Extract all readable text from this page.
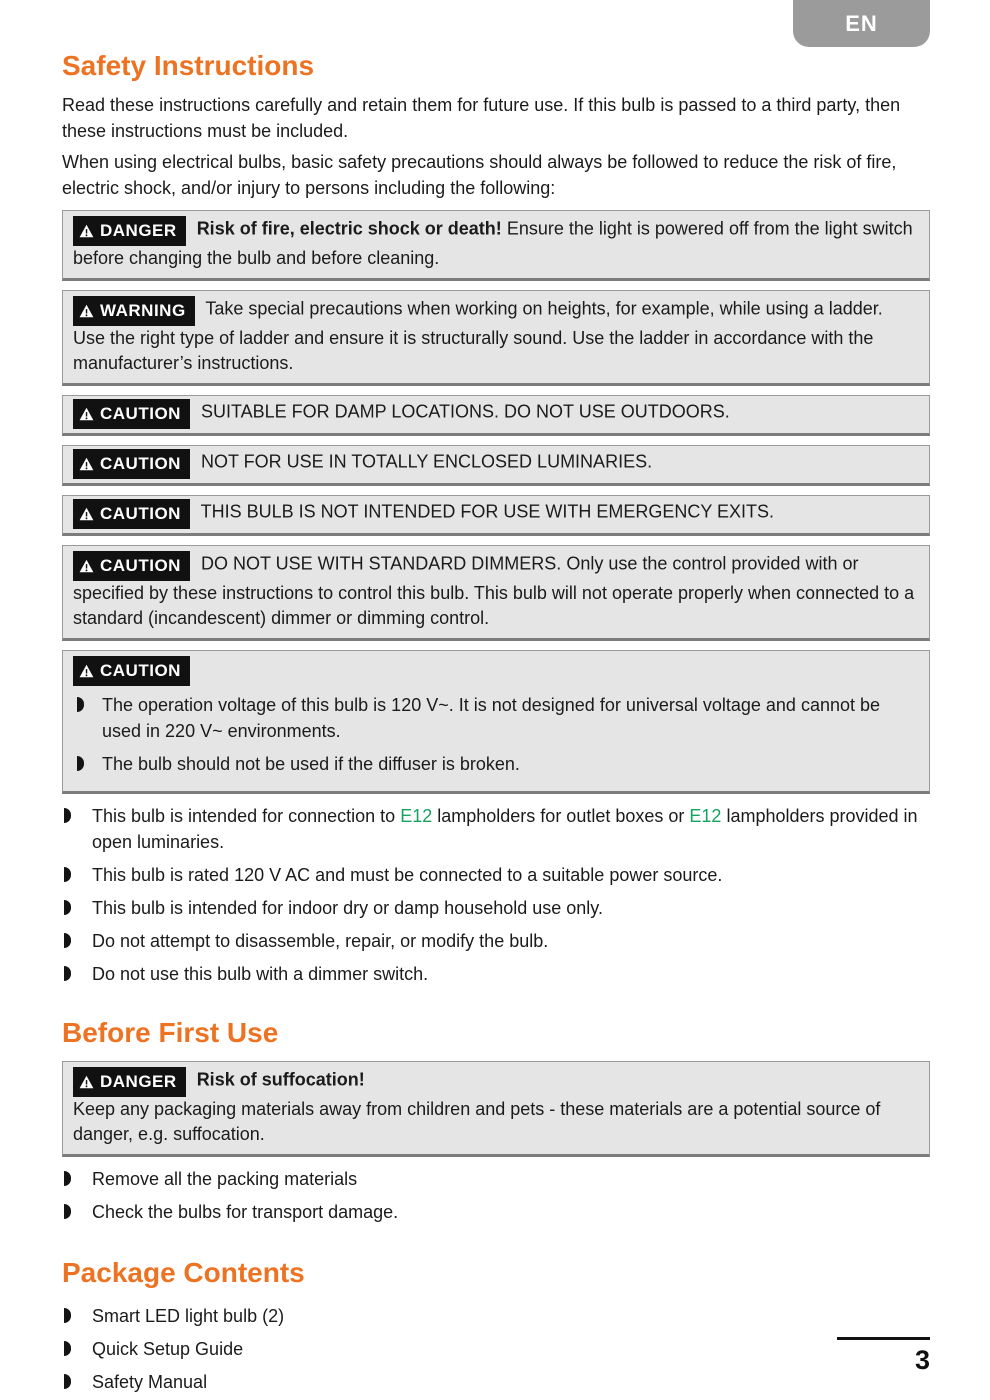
EN
Safety Instructions

Read these instructions carefully and retain them for future use. If this bulb is passed to a third party, then these instructions must be included.

When using electrical bulbs, basic safety precautions should always be followed to reduce the risk of fire, electric shock, and/or injury to persons including the following:

DANGER Risk of fire, electric shock or death! Ensure the light is powered off from the light switch before changing the bulb and before cleaning.
WARNING Take special precautions when working on heights, for example, while using a ladder. Use the right type of ladder and ensure it is structurally sound. Use the ladder in accordance with the manufacturer’s instructions.
CAUTION SUITABLE FOR DAMP LOCATIONS. DO NOT USE OUTDOORS.
CAUTION NOT FOR USE IN TOTALLY ENCLOSED LUMINARIES.
CAUTION THIS BULB IS NOT INTENDED FOR USE WITH EMERGENCY EXITS.
CAUTION DO NOT USE WITH STANDARD DIMMERS. Only use the control provided with or specified by these instructions to control this bulb. This bulb will not operate properly when connected to a standard (incandescent) dimmer or dimming control.
CAUTION
The operation voltage of this bulb is 120 V~. It is not designed for universal voltage and cannot be used in 220 V~ environments.
The bulb should not be used if the diffuser is broken.
This bulb is intended for connection to E12 lampholders for outlet boxes or E12 lampholders provided in open luminaries.
This bulb is rated 120 V AC and must be connected to a suitable power source.
This bulb is intended for indoor dry or damp household use only.
Do not attempt to disassemble, repair, or modify the bulb.
Do not use this bulb with a dimmer switch.
Before First Use
DANGER Risk of suffocation!
Keep any packaging materials away from children and pets - these materials are a potential source of danger, e.g. suffocation.
Remove all the packing materials
Check the bulbs for transport damage.
Package Contents
Smart LED light bulb (2)
Quick Setup Guide
Safety Manual
3
